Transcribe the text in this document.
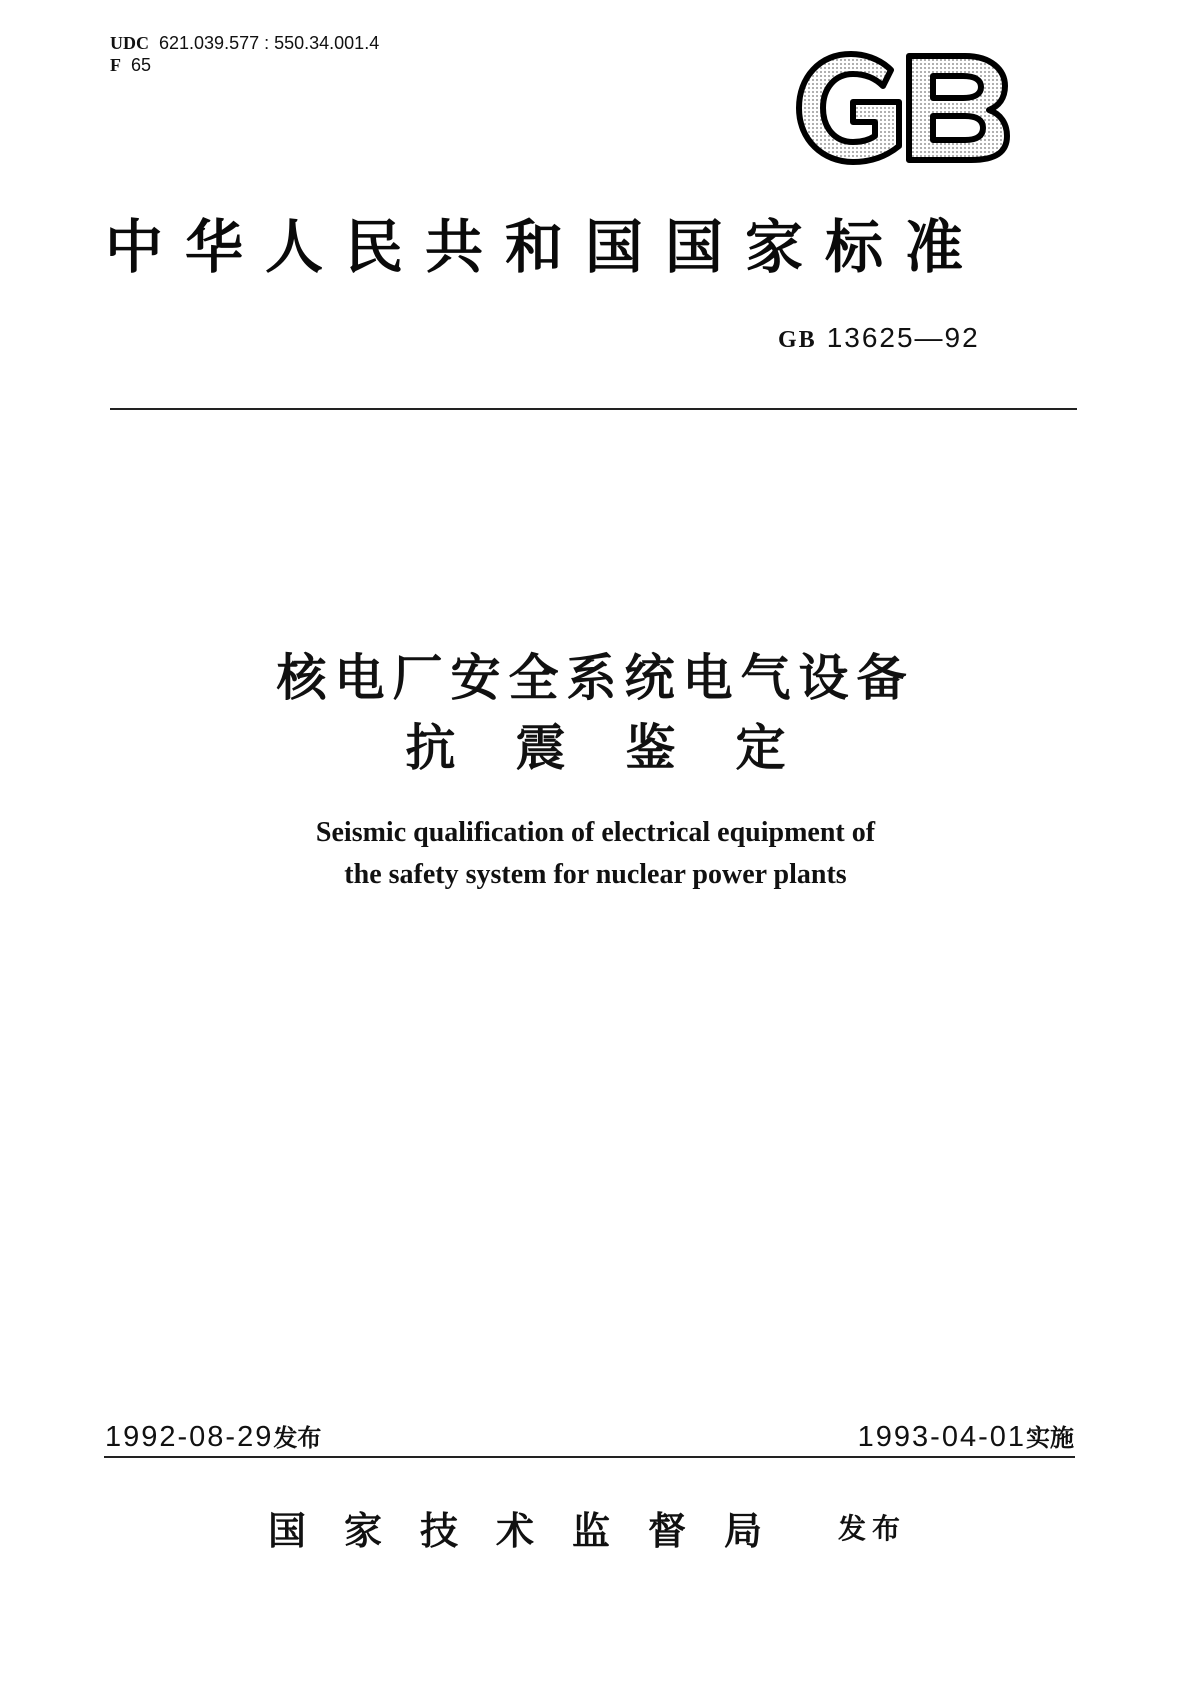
UDC 621.039.577 : 550.34.001.4
F 65
中华人民共和国国家标准
GB 13625—92
核电厂安全系统电气设备
抗震鉴定
Seismic qualification of electrical equipment of
the safety system for nuclear power plants
1992-08-29发布	1993-04-01实施
国家技术监督局 发布
